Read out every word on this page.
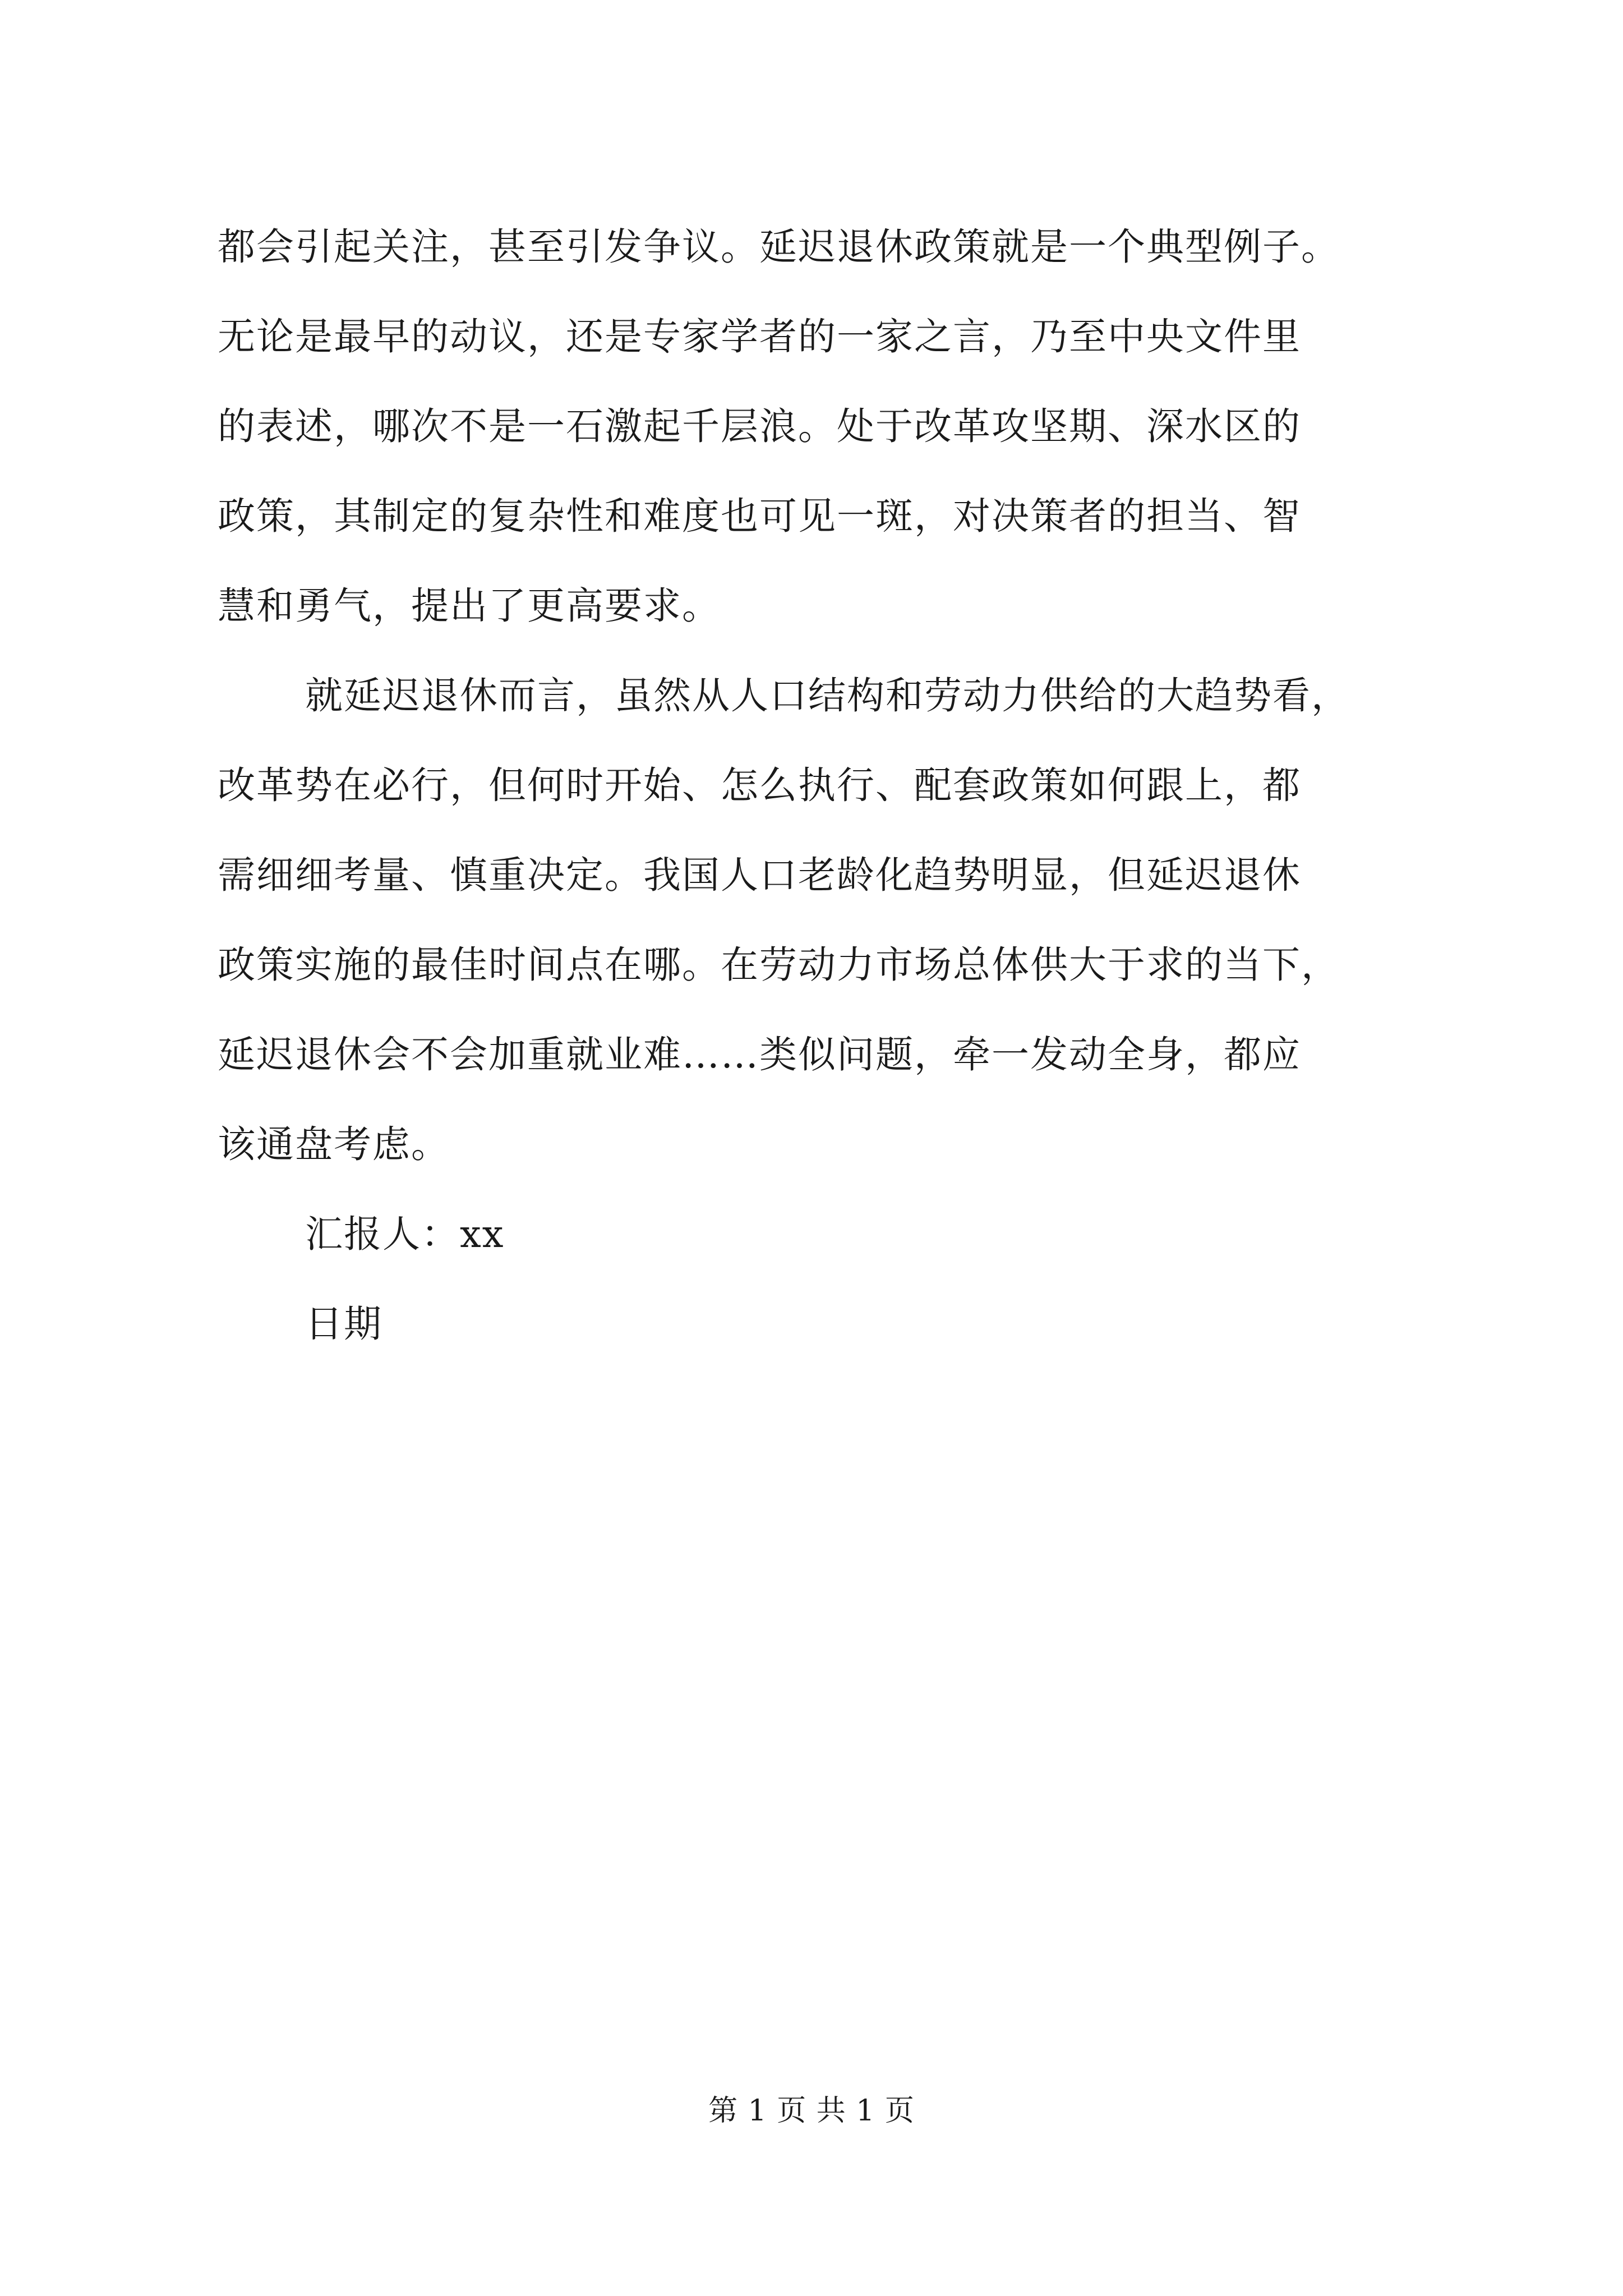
都会引起关注，甚至引发争议。延迟退休政策就是一个典型例子。
无论是最早的动议，还是专家学者的一家之言，乃至中央文件里
的表述，哪次不是一石激起千层浪。处于改革攻坚期、深水区的
政策，其制定的复杂性和难度也可见一斑，对决策者的担当、智
慧和勇气，提出了更高要求。

就延迟退休而言，虽然从人口结构和劳动力供给的大趋势看，
改革势在必行，但何时开始、怎么执行、配套政策如何跟上，都
需细细考量、慎重决定。我国人口老龄化趋势明显，但延迟退休
政策实施的最佳时间点在哪。在劳动力市场总体供大于求的当下，
延迟退休会不会加重就业难……类似问题，牵一发动全身，都应
该通盘考虑。

汇报人：xx

日期

第 1 页 共 1 页
